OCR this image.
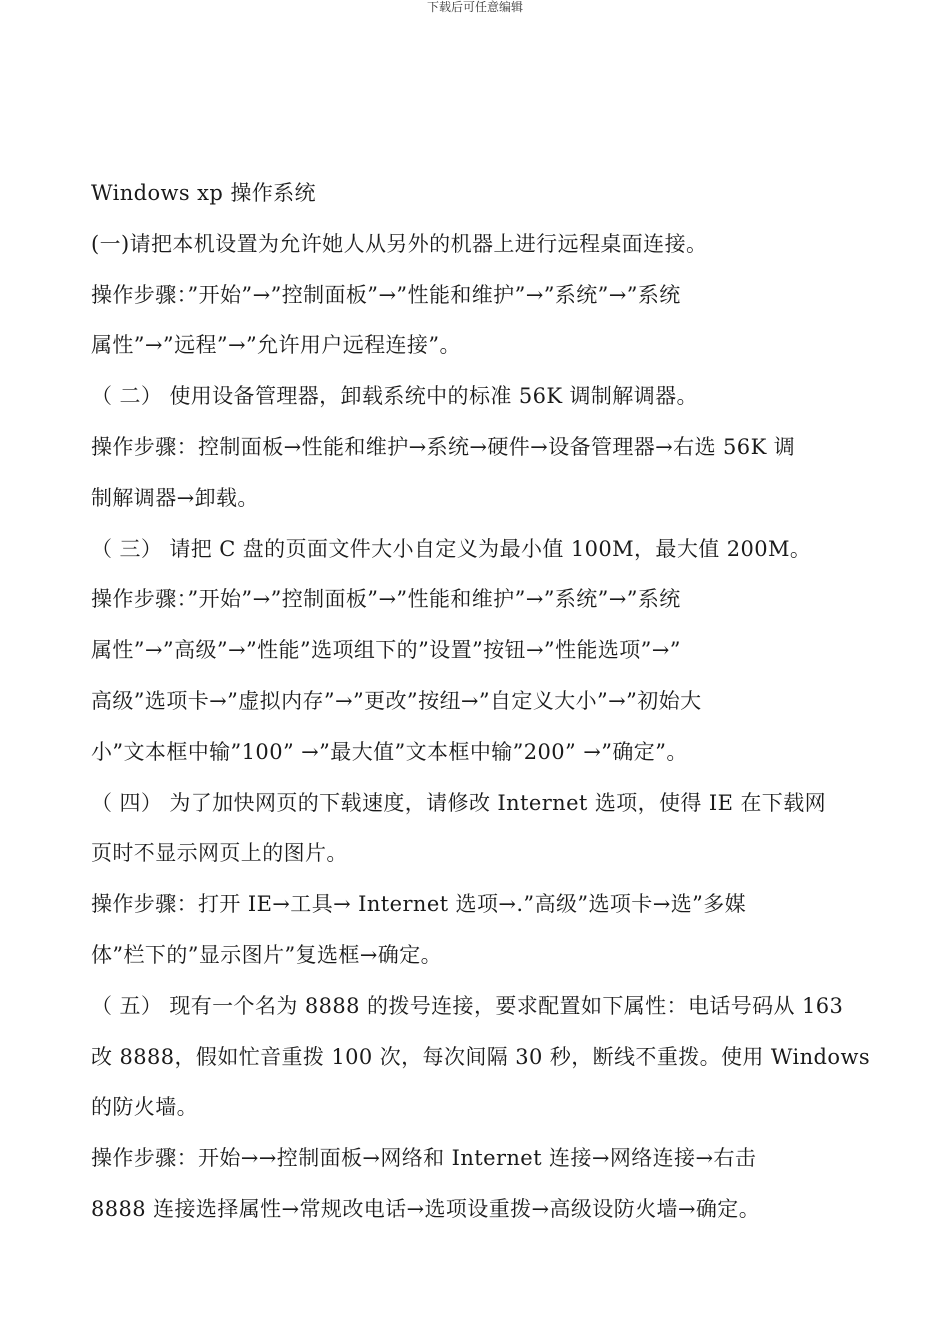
下载后可任意编辑
Windows xp 操作系统
(一)请把本机设置为允许她人从另外的机器上进行远程桌面连接。
操作步骤：”开始”→”控制面板”→”性能和维护”→”系统”→”系统
属性”→”远程”→”允许用户远程连接”。
（ 二） 使用设备管理器，卸载系统中的标准 56K 调制解调器。
操作步骤：控制面板→性能和维护→系统→硬件→设备管理器→右选 56K 调
制解调器→卸载。
（ 三） 请把 C 盘的页面文件大小自定义为最小值 100M，最大值 200M。
操作步骤：”开始”→”控制面板”→”性能和维护”→”系统”→”系统
属性”→”高级”→”性能”选项组下的”设置”按钮→”性能选项”→”
高级”选项卡→”虚拟内存”→”更改”按纽→”自定义大小”→”初始大
小”文本框中输”100” →”最大值”文本框中输”200” →”确定”。
（ 四） 为了加快网页的下载速度，请修改 Internet 选项，使得 IE 在下载网
页时不显示网页上的图片。
操作步骤：打开 IE→工具→ Internet 选项→.”高级”选项卡→选”多媒
体”栏下的”显示图片”复选框→确定。
（ 五） 现有一个名为 8888 的拨号连接，要求配置如下属性：电话号码从 163
改 8888，假如忙音重拨 100 次，每次间隔 30 秒，断线不重拨。使用 Windows
的防火墙。
操作步骤：开始→→控制面板→网络和 Internet 连接→网络连接→右击
8888 连接选择属性→常规改电话→选项设重拨→高级设防火墙→确定。
